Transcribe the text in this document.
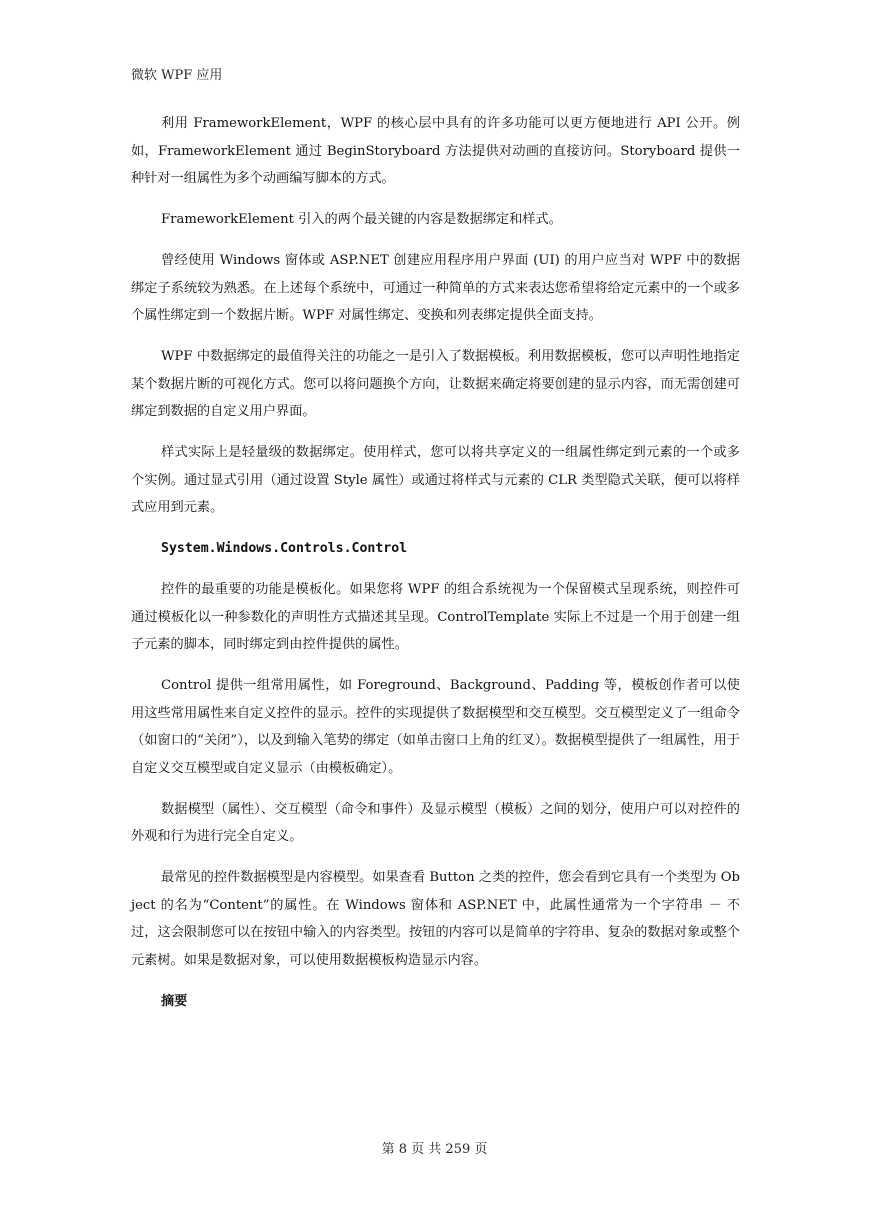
微软 WPF 应用

利用 FrameworkElement，WPF 的核心层中具有的许多功能可以更方便地进行 API 公开。例如，FrameworkElement 通过 BeginStoryboard 方法提供对动画的直接访问。Storyboard 提供一种针对一组属性为多个动画编写脚本的方式。

FrameworkElement 引入的两个最关键的内容是数据绑定和样式。

曾经使用 Windows 窗体或 ASP.NET 创建应用程序用户界面 (UI) 的用户应当对 WPF 中的数据绑定子系统较为熟悉。在上述每个系统中，可通过一种简单的方式来表达您希望将给定元素中的一个或多个属性绑定到一个数据片断。WPF 对属性绑定、变换和列表绑定提供全面支持。

WPF 中数据绑定的最值得关注的功能之一是引入了数据模板。利用数据模板，您可以声明性地指定某个数据片断的可视化方式。您可以将问题换个方向，让数据来确定将要创建的显示内容，而无需创建可绑定到数据的自定义用户界面。

样式实际上是轻量级的数据绑定。使用样式，您可以将共享定义的一组属性绑定到元素的一个或多个实例。通过显式引用（通过设置 Style 属性）或通过将样式与元素的 CLR 类型隐式关联，便可以将样式应用到元素。

System.Windows.Controls.Control

控件的最重要的功能是模板化。如果您将 WPF 的组合系统视为一个保留模式呈现系统，则控件可通过模板化以一种参数化的声明性方式描述其呈现。ControlTemplate 实际上不过是一个用于创建一组子元素的脚本，同时绑定到由控件提供的属性。

Control 提供一组常用属性，如 Foreground、Background、Padding 等，模板创作者可以使用这些常用属性来自定义控件的显示。控件的实现提供了数据模型和交互模型。交互模型定义了一组命令（如窗口的“关闭”），以及到输入笔势的绑定（如单击窗口上角的红叉）。数据模型提供了一组属性，用于自定义交互模型或自定义显示（由模板确定）。

数据模型（属性）、交互模型（命令和事件）及显示模型（模板）之间的划分，使用户可以对控件的外观和行为进行完全自定义。

最常见的控件数据模型是内容模型。如果查看 Button 之类的控件，您会看到它具有一个类型为 Object 的名为“Content”的属性。在 Windows 窗体和 ASP.NET 中，此属性通常为一个字符串 － 不过，这会限制您可以在按钮中输入的内容类型。按钮的内容可以是简单的字符串、复杂的数据对象或整个元素树。如果是数据对象，可以使用数据模板构造显示内容。

摘要

第 8 页 共 259 页
